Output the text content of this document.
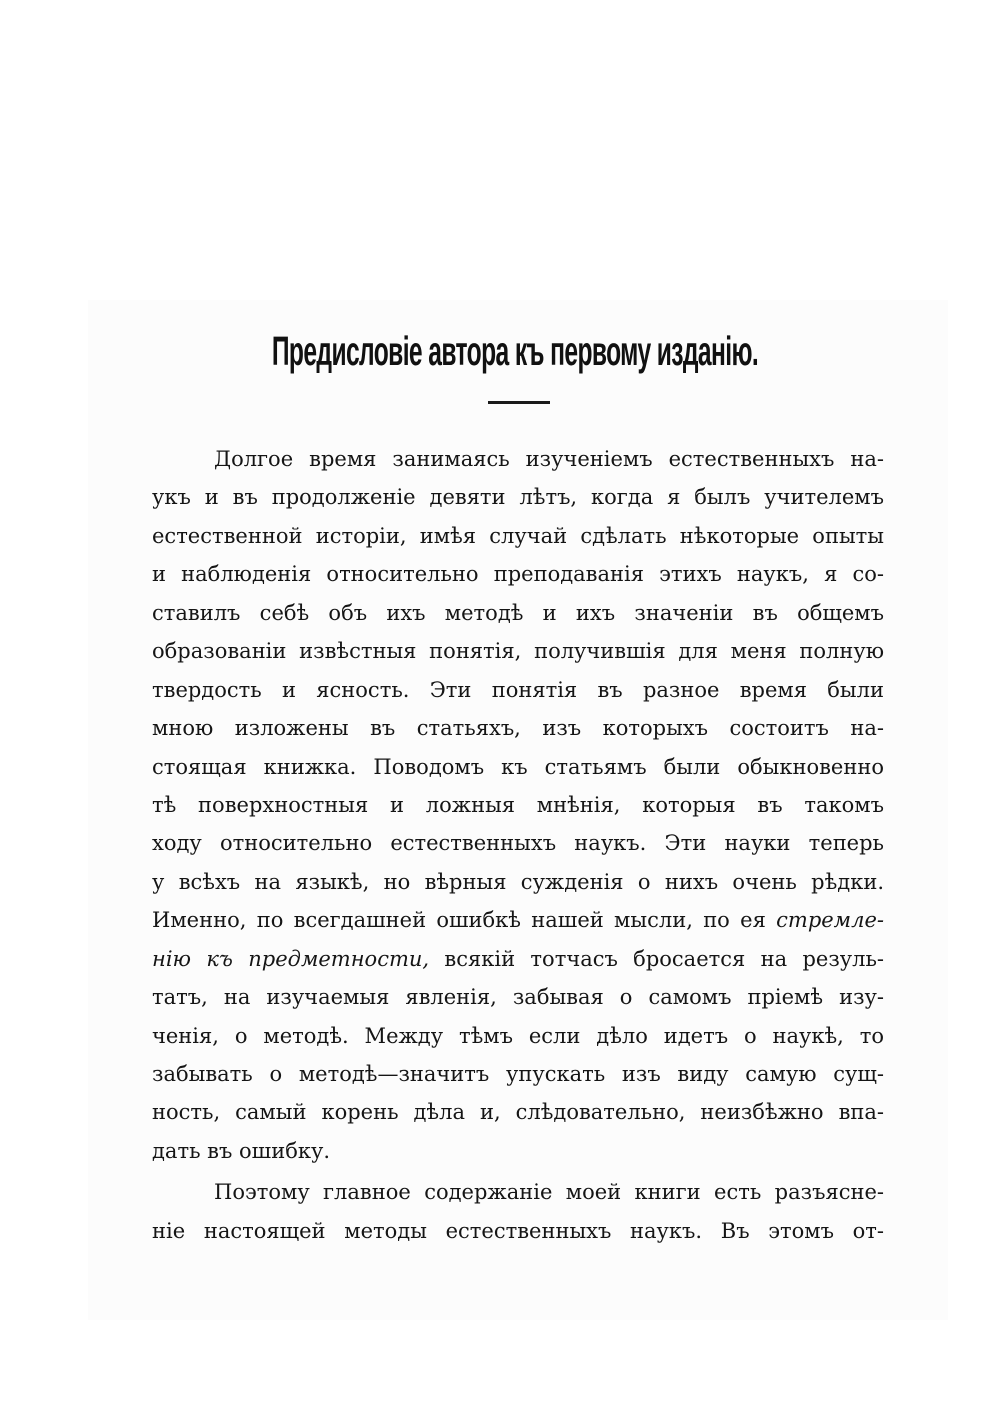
Предисловіе автора къ первому изданію.
Долгое время занимаясь изученіемъ естественныхъ на-
укъ и въ продолженіе девяти лѣтъ, когда я былъ учителемъ
естественной исторіи, имѣя случай сдѣлать нѣкоторые опыты
и наблюденія относительно преподаванія этихъ наукъ, я со-
ставилъ себѣ объ ихъ методѣ и ихъ значеніи въ общемъ
образованіи извѣстныя понятія, получившія для меня полную
твердость и ясность. Эти понятія въ разное время были
мною изложены въ статьяхъ, изъ которыхъ состоитъ на-
стоящая книжка. Поводомъ къ статьямъ были обыкновенно
тѣ поверхностныя и ложныя мнѣнія, которыя въ такомъ
ходу относительно естественныхъ наукъ. Эти науки теперь
у всѣхъ на языкѣ, но вѣрныя сужденія о нихъ очень рѣдки.
Именно, по всегдашней ошибкѣ нашей мысли, по ея стремле-
нію къ предметности, всякій тотчасъ бросается на резуль-
татъ, на изучаемыя явленія, забывая о самомъ пріемѣ изу-
ченія, о методѣ. Между тѣмъ если дѣло идетъ о наукѣ, то
забывать о методѣ—значитъ упускать изъ виду самую сущ-
ность, самый корень дѣла и, слѣдовательно, неизбѣжно впа-
дать въ ошибку.
Поэтому главное содержаніе моей книги есть разъясне-
ніе настоящей методы естественныхъ наукъ. Въ этомъ от-
